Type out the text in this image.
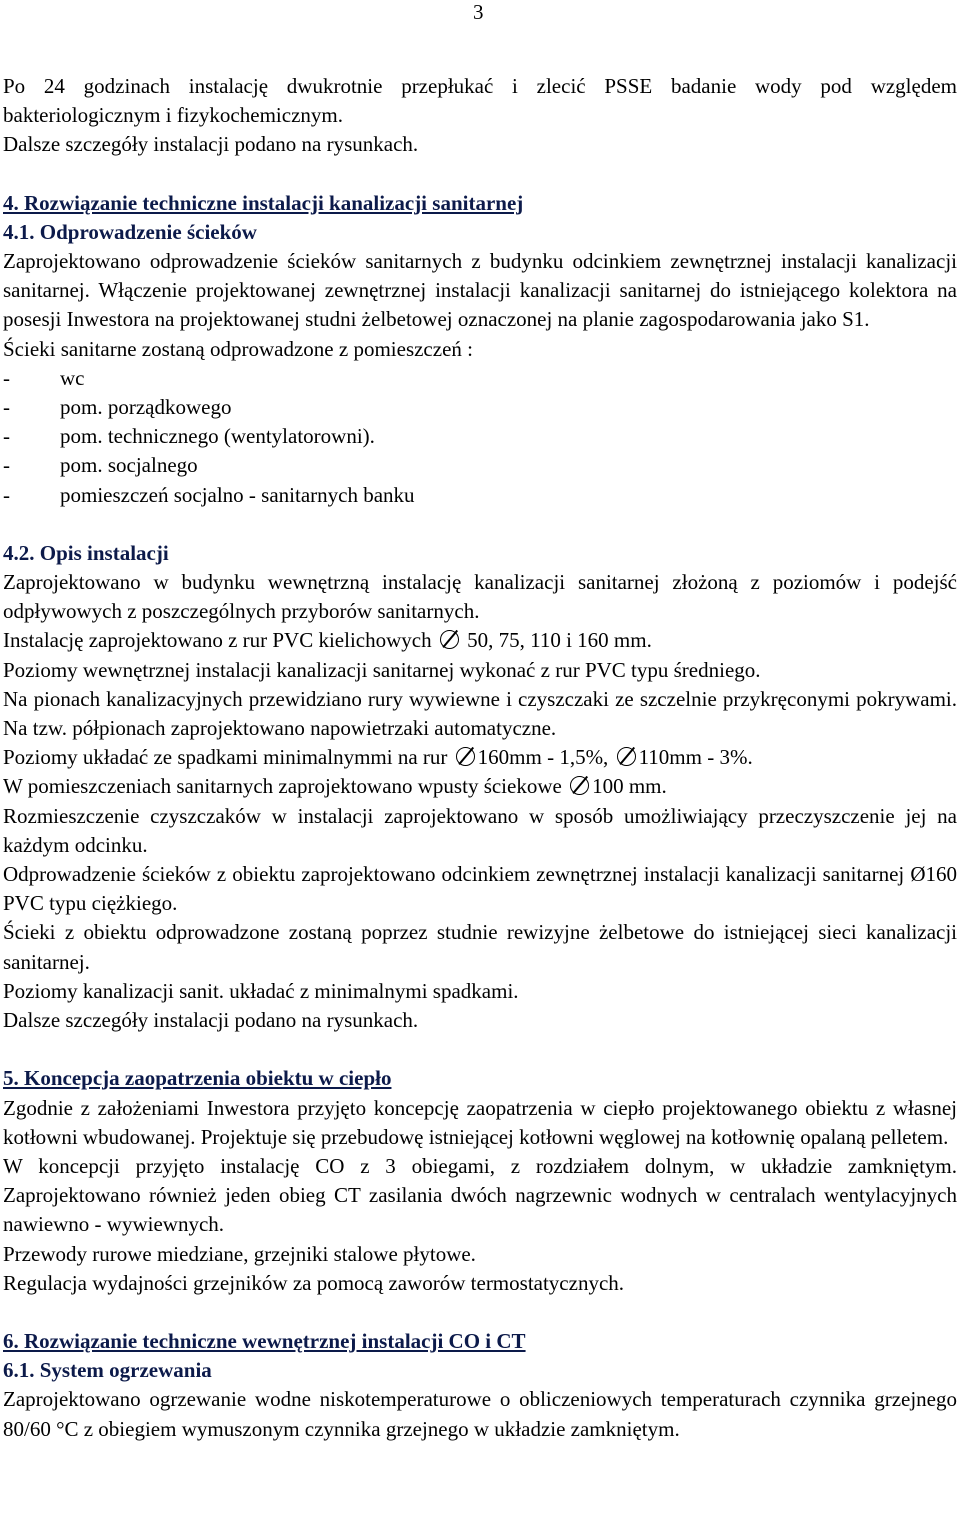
3

Po 24 godzinach instalację dwukrotnie przepłukać i zlecić PSSE badanie wody pod względem bakteriologicznym i fizykochemicznym.

Dalsze szczegóły instalacji podano na rysunkach.

4. Rozwiązanie techniczne instalacji kanalizacji sanitarnej

4.1. Odprowadzenie ścieków

Zaprojektowano odprowadzenie ścieków sanitarnych z budynku odcinkiem zewnętrznej instalacji kanalizacji sanitarnej. Włączenie projektowanej zewnętrznej instalacji kanalizacji sanitarnej do istniejącego kolektora na posesji Inwestora na projektowanej studni żelbetowej oznaczonej na planie zagospodarowania jako S1.

Ścieki sanitarne zostaną odprowadzone z pomieszczeń :

-	wc
-	pom. porządkowego
-	pom. technicznego (wentylatorowni).
-	pom. socjalnego
-	pomieszczeń socjalno - sanitarnych banku

4.2. Opis instalacji

Zaprojektowano w budynku wewnętrzną instalację kanalizacji sanitarnej złożoną z poziomów i podejść odpływowych z poszczególnych przyborów sanitarnych.

Instalację zaprojektowano z rur PVC kielichowych 50, 75, 110 i 160 mm.

Poziomy wewnętrznej instalacji kanalizacji sanitarnej wykonać z rur PVC typu średniego.

Na pionach kanalizacyjnych przewidziano rury wywiewne i czyszczaki ze szczelnie przykręconymi pokrywami. Na tzw. półpionach zaprojektowano napowietrzaki automatyczne.

Poziomy układać ze spadkami minimalnymmi na rur 160mm - 1,5%, 110mm - 3%.

W pomieszczeniach sanitarnych zaprojektowano wpusty ściekowe 100 mm.

Rozmieszczenie czyszczaków w instalacji zaprojektowano w sposób umożliwiający przeczyszczenie jej na każdym odcinku.

Odprowadzenie ścieków z obiektu zaprojektowano odcinkiem zewnętrznej instalacji kanalizacji sanitarnej Ø160 PVC typu ciężkiego.

Ścieki z obiektu odprowadzone zostaną poprzez studnie rewizyjne żelbetowe do istniejącej sieci kanalizacji sanitarnej.

Poziomy kanalizacji sanit. układać z minimalnymi spadkami.

Dalsze szczegóły instalacji podano na rysunkach.

5. Koncepcja zaopatrzenia obiektu w ciepło

Zgodnie z założeniami Inwestora przyjęto koncepcję zaopatrzenia w ciepło projektowanego obiektu z własnej kotłowni wbudowanej. Projektuje się przebudowę istniejącej kotłowni węglowej na kotłownię opalaną pelletem.

W koncepcji przyjęto instalację CO z 3 obiegami, z rozdziałem dolnym, w układzie zamkniętym. Zaprojektowano również jeden obieg CT zasilania dwóch nagrzewnic wodnych w centralach wentylacyjnych nawiewno - wywiewnych.

Przewody rurowe miedziane, grzejniki stalowe płytowe.

Regulacja wydajności grzejników za pomocą zaworów termostatycznych.

6. Rozwiązanie techniczne wewnętrznej instalacji CO i CT

6.1. System ogrzewania

Zaprojektowano ogrzewanie wodne niskotemperaturowe o obliczeniowych temperaturach czynnika grzejnego 80/60 °C z obiegiem wymuszonym czynnika grzejnego w układzie zamkniętym.
